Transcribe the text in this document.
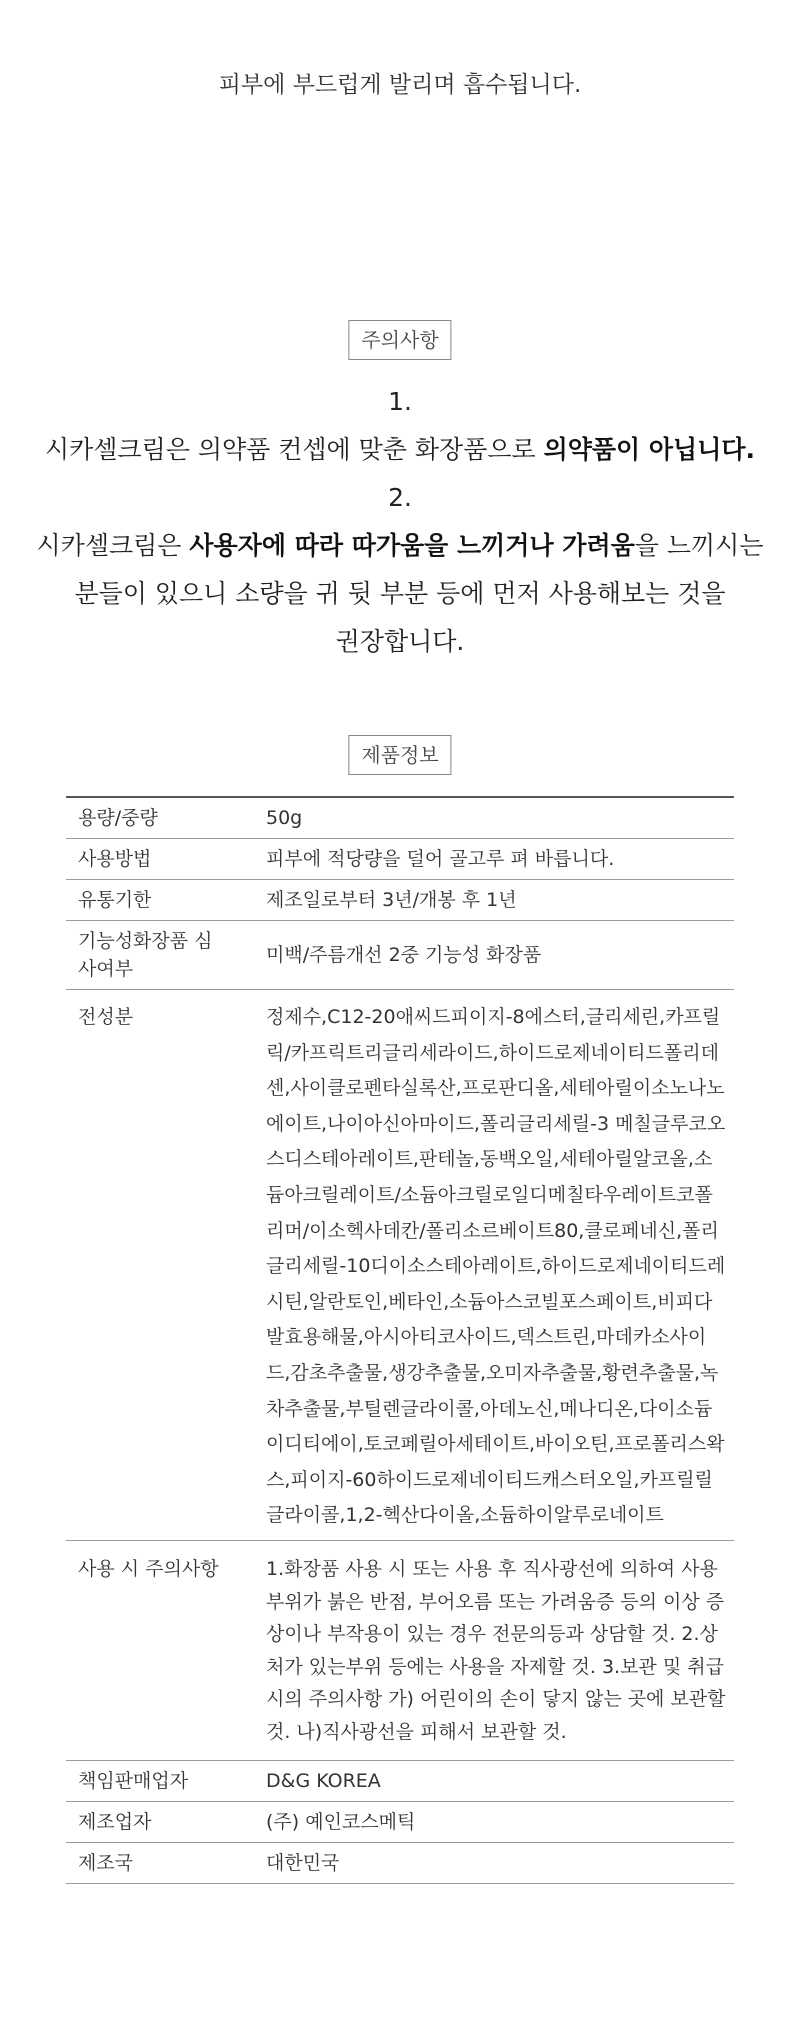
피부에 부드럽게 발리며 흡수됩니다.
주의사항
1.
시카셀크림은 의약품 컨셉에 맞춘 화장품으로 의약품이 아닙니다.
2.
시카셀크림은 사용자에 따라 따가움을 느끼거나 가려움을 느끼시는
분들이 있으니 소량을 귀 뒷 부분 등에 먼저 사용해보는 것을
권장합니다.
제품정보
용량/중량	50g
사용방법	피부에 적당량을 덜어 골고루 펴 바릅니다.
유통기한	제조일로부터 3년/개봉 후 1년

기능성화장품 심사여부	미백/주름개선 2중 기능성 화장품

전성분	정제수,C12-20애씨드피이지-8에스터,글리세린,카프릴릭/카프릭트리글리세라이드,하이드로제네이티드폴리데센,사이클로펜타실록산,프로판디올,세테아릴이소노나노에이트,나이아신아마이드,폴리글리세릴-3 메칠글루코오스디스테아레이트,판테놀,동백오일,세테아릴알코올,소듐아크릴레이트/소듐아크릴로일디메칠타우레이트코폴리머/이소헥사데칸/폴리소르베이트80,클로페네신,폴리글리세릴-10디이소스테아레이트,하이드로제네이티드레시틴,알란토인,베타인,소듐아스코빌포스페이트,비피다발효용해물,아시아티코사이드,덱스트린,마데카소사이드,감초추출물,생강추출물,오미자추출물,황련추출물,녹차추출물,부틸렌글라이콜,아데노신,메나디온,다이소듐이디티에이,토코페릴아세테이트,바이오틴,프로폴리스왁스,피이지-60하이드로제네이티드캐스터오일,카프릴릴글라이콜,1,2-헥산다이올,소듐하이알루로네이트

사용 시 주의사항	1.화장품 사용 시 또는 사용 후 직사광선에 의하여 사용부위가 붉은 반점, 부어오름 또는 가려움증 등의 이상 증상이나 부작용이 있는 경우 전문의등과 상담할 것. 2.상처가 있는부위 등에는 사용을 자제할 것. 3.보관 및 취급 시의 주의사항 가) 어린이의 손이 닿지 않는 곳에 보관할 것. 나)직사광선을 피해서 보관할 것.

책임판매업자	D&G KOREA
제조업자	(주) 예인코스메틱
제조국	대한민국
